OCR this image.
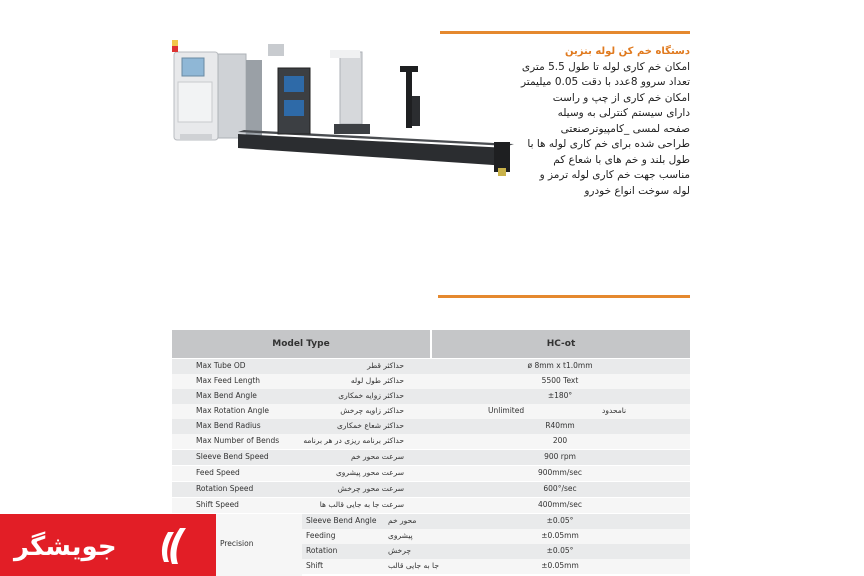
دستگاه خم کن لوله بنزین
امکان خم کاری لوله تا طول 5.5 متری
تعداد سروو 8عدد با دقت 0.05 میلیمتر
امکان خم کاری از چپ و راست
دارای سیستم کنترلی به وسیله
صفحه لمسی _کامپیوترصنعتی
طراحی شده برای خم کاری لوله ها با
طول بلند و خم های با شعاع کم
مناسب جهت خم کاری لوله ترمز و
لوله سوخت انواع خودرو
Model Type	HC-ot
Max Tube OD	حداکثر قطر	ø 8mm x t1.0mm
Max Feed Length	حداکثر طول لوله	5500 Text
Max Bend Angle	حداکثر زوایه خمکاری	±180°
Max Rotation Angle	حداکثر زاویه چرخش	Unlimited	نامحدود
Max Bend Radius	حداکثر شعاع خمکاری	R40mm
Max Number of Bends	حداکثر برنامه ریزی در هر برنامه	200
Sleeve Bend Speed	سرعت محور خم	900 rpm
Feed Speed	سرعت محور پیشروی	900mm/sec
Rotation Speed	سرعت محور چرخش	600°/sec
Shift Speed	سرعت جا به جایی قالب ها	400mm/sec
Precision
Sleeve Bend Angle محور خم	±0.05°
Feeding	پیشروی	±0.05mm
Rotation	چرخش	±0.05°
Shift	جا به جایی قالب	±0.05mm
جویشگر
